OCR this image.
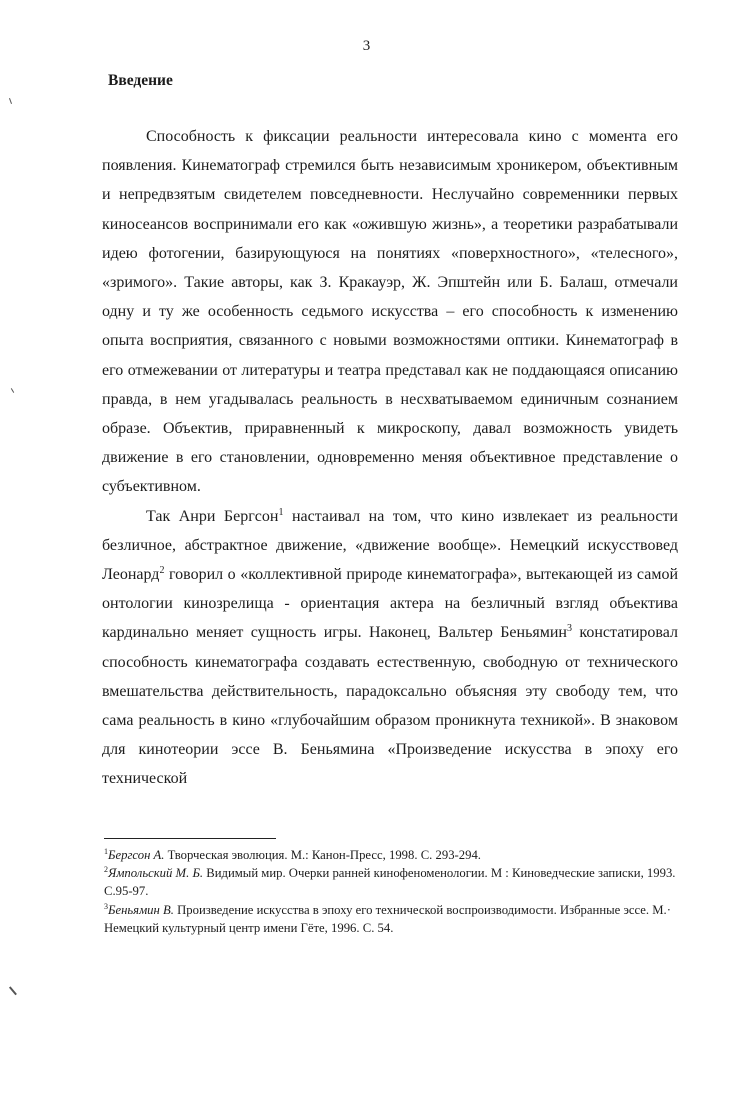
3
Введение

Способность к фиксации реальности интересовала кино с момента его появления. Кинематограф стремился быть независимым хроникером, объективным и непредвзятым свидетелем повседневности. Неслучайно современники первых киносеансов воспринимали его как «ожившую жизнь», а теоретики разрабатывали идею фотогении, базирующуюся на понятиях «поверхностного», «телесного», «зримого». Такие авторы, как З. Кракауэр, Ж. Эпштейн или Б. Балаш, отмечали одну и ту же особенность седьмого искусства – его способность к изменению опыта восприятия, связанного с новыми возможностями оптики. Кинематограф в его отмежевании от литературы и театра представал как не поддающаяся описанию правда, в нем угадывалась реальность в несхватываемом единичным сознанием образе. Объектив, приравненный к микроскопу, давал возможность увидеть движение в его становлении, одновременно меняя объективное представление о субъективном.

Так Анри Бергсон$^1$ настаивал на том, что кино извлекает из реальности безличное, абстрактное движение, «движение вообще». Немецкий искусствовед Леонард$^2$ говорил о «коллективной природе кинематографа», вытекающей из самой онтологии кинозрелища - ориентация актера на безличный взгляд объектива кардинально меняет сущность игры. Наконец, Вальтер Беньямин$^3$ констатировал способность кинематографа создавать естественную, свободную от технического вмешательства действительность, парадоксально объясняя эту свободу тем, что сама реальность в кино «глубочайшим образом проникнута техникой». В знаковом для кинотеории эссе В. Беньямина «Произведение искусства в эпоху его технической

$^1$Бергсон А. Творческая эволюция. М.: Канон-Пресс, 1998. С. 293-294.

$^2$Ямпольский М. Б. Видимый мир. Очерки ранней кинофеноменологии. М : Киноведческие записки, 1993. С.95-97.

$^3$Беньямин В. Произведение искусства в эпоху его технической воспроизводимости. Избранные эссе. М.· Немецкий культурный центр имени Гёте, 1996. С. 54.
